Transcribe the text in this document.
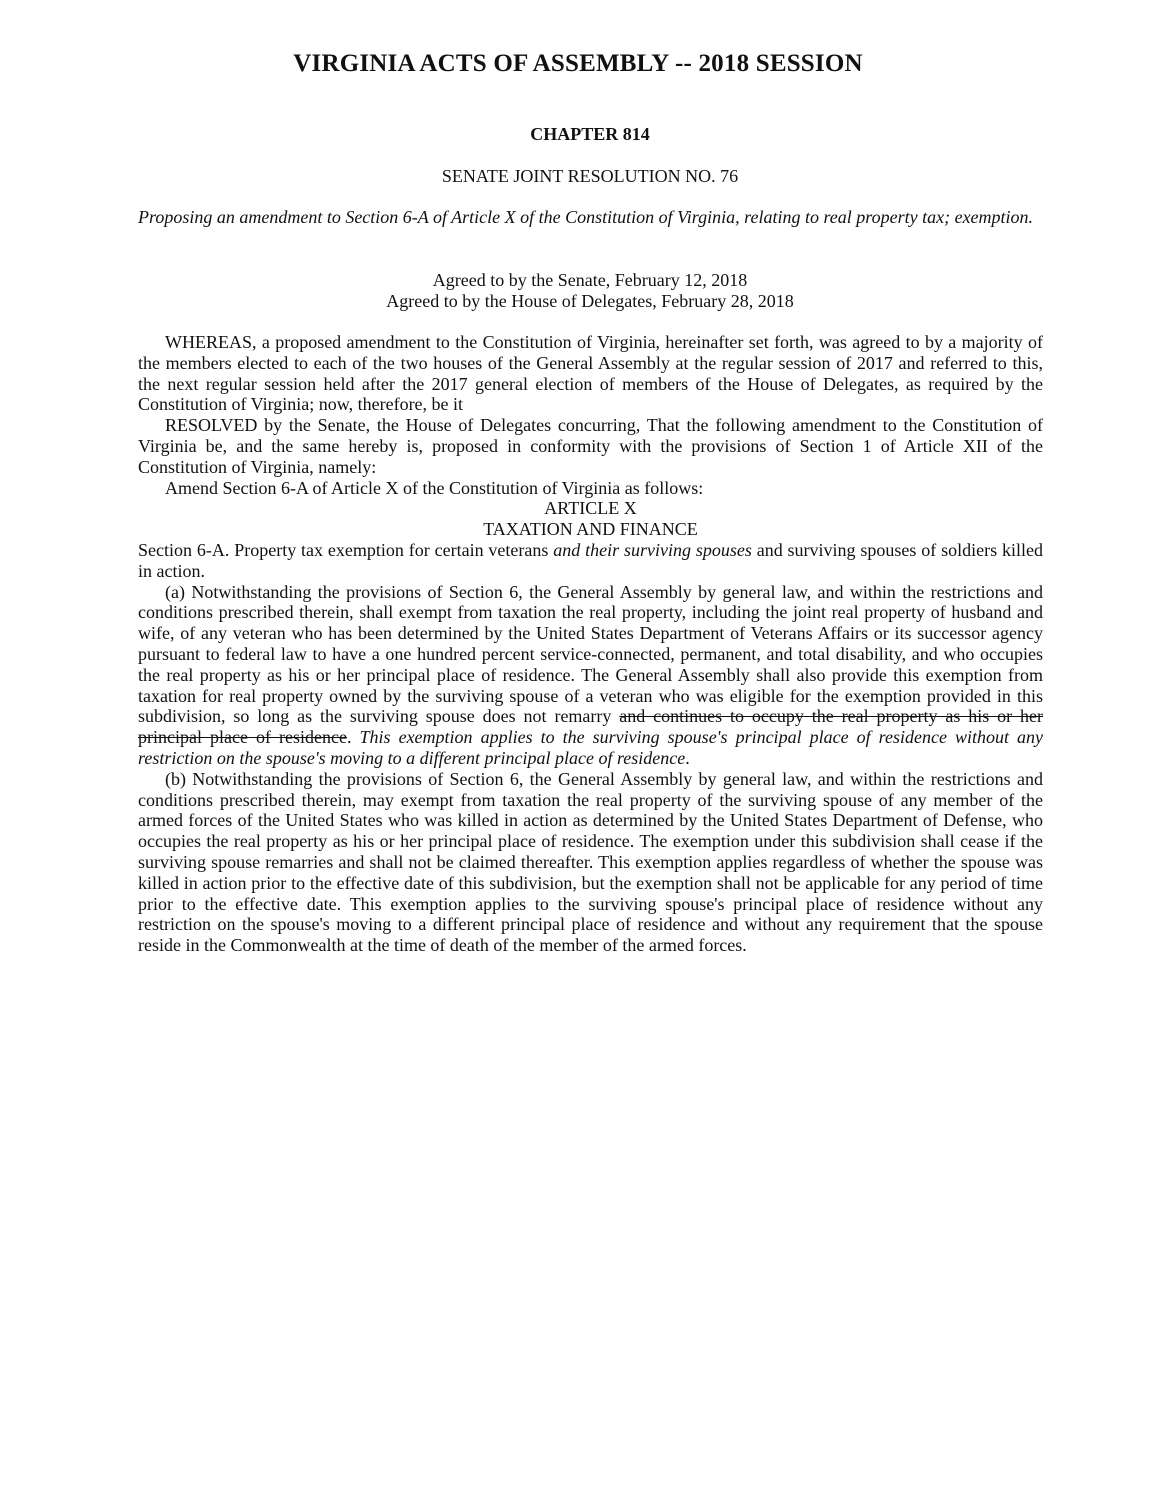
VIRGINIA ACTS OF ASSEMBLY -- 2018 SESSION
CHAPTER 814
SENATE JOINT RESOLUTION NO. 76
Proposing an amendment to Section 6-A of Article X of the Constitution of Virginia, relating to real property tax; exemption.
Agreed to by the Senate, February 12, 2018
Agreed to by the House of Delegates, February 28, 2018

WHEREAS, a proposed amendment to the Constitution of Virginia, hereinafter set forth, was agreed to by a majority of the members elected to each of the two houses of the General Assembly at the regular session of 2017 and referred to this, the next regular session held after the 2017 general election of members of the House of Delegates, as required by the Constitution of Virginia; now, therefore, be it

RESOLVED by the Senate, the House of Delegates concurring, That the following amendment to the Constitution of Virginia be, and the same hereby is, proposed in conformity with the provisions of Section 1 of Article XII of the Constitution of Virginia, namely:

Amend Section 6-A of Article X of the Constitution of Virginia as follows:

ARTICLE X

TAXATION AND FINANCE

Section 6-A. Property tax exemption for certain veterans and their surviving spouses and surviving spouses of soldiers killed in action.

(a) Notwithstanding the provisions of Section 6, the General Assembly by general law, and within the restrictions and conditions prescribed therein, shall exempt from taxation the real property, including the joint real property of husband and wife, of any veteran who has been determined by the United States Department of Veterans Affairs or its successor agency pursuant to federal law to have a one hundred percent service-connected, permanent, and total disability, and who occupies the real property as his or her principal place of residence. The General Assembly shall also provide this exemption from taxation for real property owned by the surviving spouse of a veteran who was eligible for the exemption provided in this subdivision, so long as the surviving spouse does not remarry and continues to occupy the real property as his or her principal place of residence. This exemption applies to the surviving spouse's principal place of residence without any restriction on the spouse's moving to a different principal place of residence.

(b) Notwithstanding the provisions of Section 6, the General Assembly by general law, and within the restrictions and conditions prescribed therein, may exempt from taxation the real property of the surviving spouse of any member of the armed forces of the United States who was killed in action as determined by the United States Department of Defense, who occupies the real property as his or her principal place of residence. The exemption under this subdivision shall cease if the surviving spouse remarries and shall not be claimed thereafter. This exemption applies regardless of whether the spouse was killed in action prior to the effective date of this subdivision, but the exemption shall not be applicable for any period of time prior to the effective date. This exemption applies to the surviving spouse's principal place of residence without any restriction on the spouse's moving to a different principal place of residence and without any requirement that the spouse reside in the Commonwealth at the time of death of the member of the armed forces.
